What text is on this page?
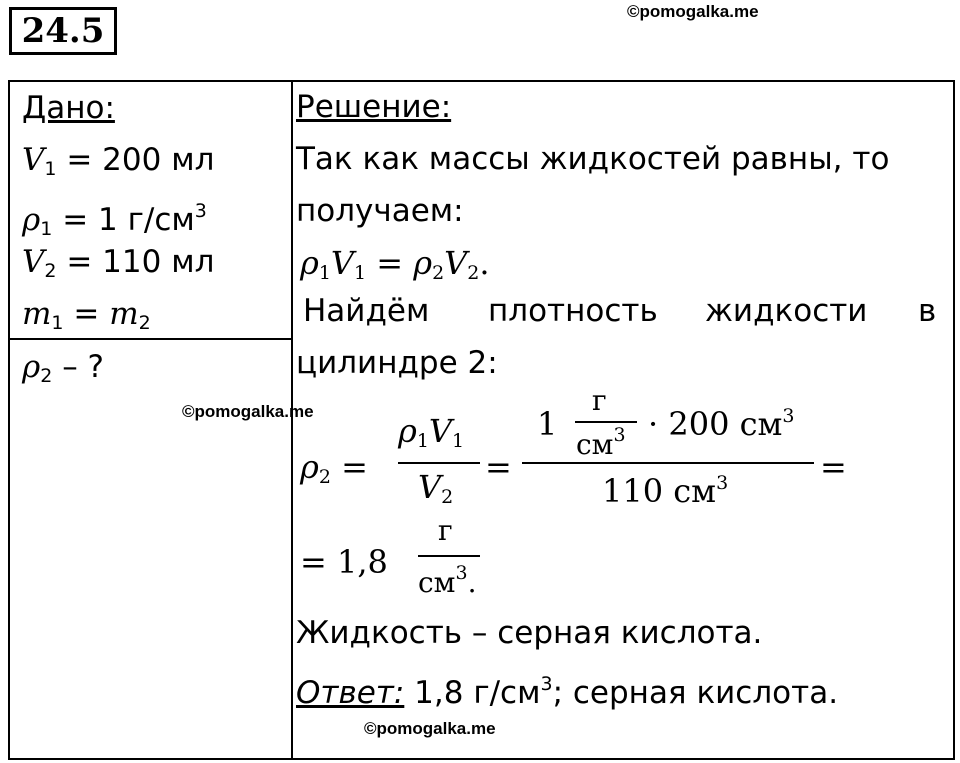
24.5	©pomogalka.me
Дано:
$V_1 = 200$ мл
$\rho_1 = 1$ $г/см^3$
$V_2 = 110$ мл
$m_1 = m_2$
$\rho_2$ – ?
Решение:
Так как массы жидкостей равны, то
получаем:
$\rho_1V_1 = \rho_2V_2$.
Найдём плотность жидкости в
цилиндре 2:
©pomogalka.me
$\rho_2$ =
$\rho_1V_1$
$V_2$
=
1
г
$см^3 \cdot 200$ $см^3$
110 $см^3$	=
= 1,8
г
$см^3$.
Жидкость – серная кислота.
Ответ: 1,8 $г/см^3$; серная кислота.
©pomogalka.me
